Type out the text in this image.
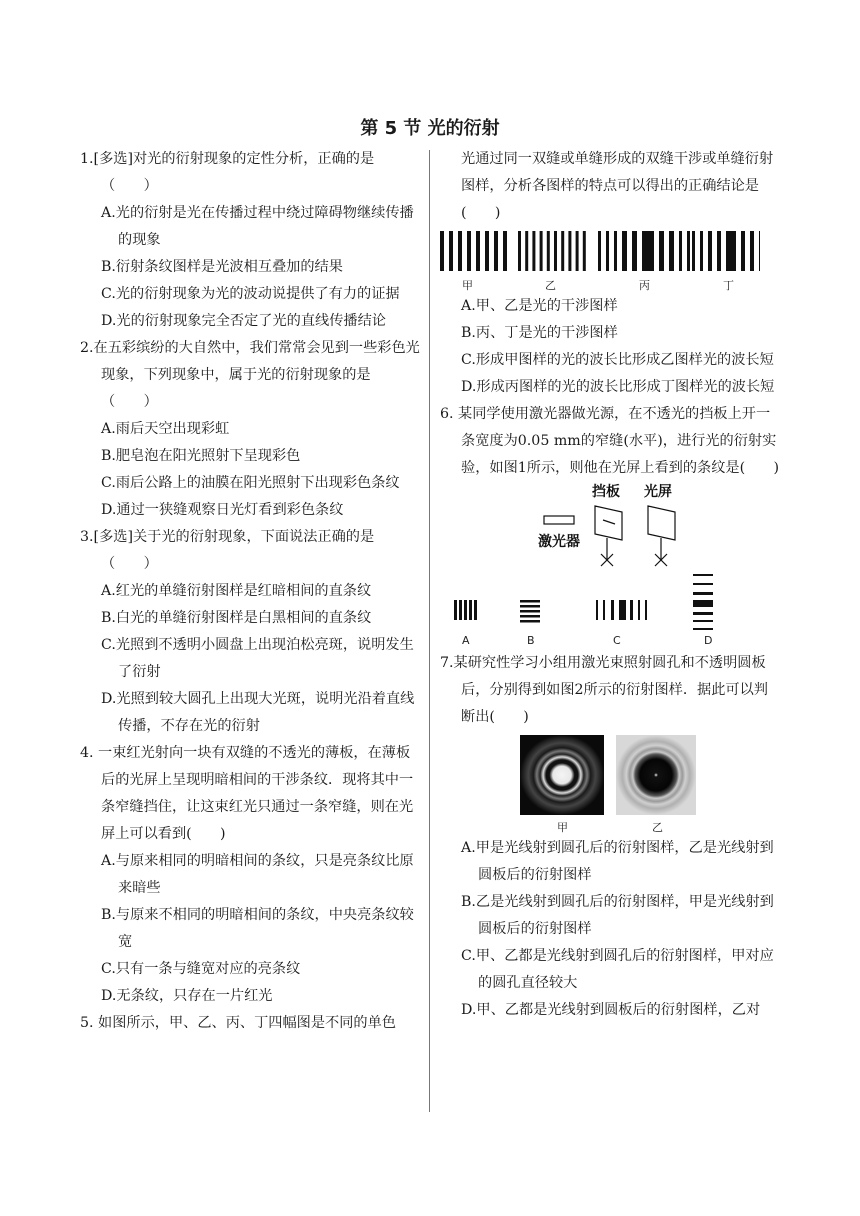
第 5 节 光的衍射
1.[多选]对光的衍射现象的定性分析，正确的是（　　）
A.光的衍射是光在传播过程中绕过障碍物继续传播的现象
B.衍射条纹图样是光波相互叠加的结果
C.光的衍射现象为光的波动说提供了有力的证据
D.光的衍射现象完全否定了光的直线传播结论
2.在五彩缤纷的大自然中，我们常常会见到一些彩色光现象，下列现象中，属于光的衍射现象的是（　　）
A.雨后天空出现彩虹
B.肥皂泡在阳光照射下呈现彩色
C.雨后公路上的油膜在阳光照射下出现彩色条纹
D.通过一狭缝观察日光灯看到彩色条纹
3.[多选]关于光的衍射现象，下面说法正确的是（　　）
A.红光的单缝衍射图样是红暗相间的直条纹
B.白光的单缝衍射图样是白黑相间的直条纹
C.光照到不透明小圆盘上出现泊松亮斑，说明发生了衍射
D.光照到较大圆孔上出现大光斑，说明光沿着直线传播，不存在光的衍射
4. 一束红光射向一块有双缝的不透光的薄板，在薄板后的光屏上呈现明暗相间的干涉条纹．现将其中一条窄缝挡住，让这束红光只通过一条窄缝，则在光屏上可以看到(　　)
A.与原来相同的明暗相间的条纹，只是亮条纹比原来暗些
B.与原来不相同的明暗相间的条纹，中央亮条纹较宽
C.只有一条与缝宽对应的亮条纹
D.无条纹，只存在一片红光
5. 如图所示，甲、乙、丙、丁四幅图是不同的单色
光通过同一双缝或单缝形成的双缝干涉或单缝衍射图样，分析各图样的特点可以得出的正确结论是(　　)
甲	乙	丙	丁
A.甲、乙是光的干涉图样
B.丙、丁是光的干涉图样
C.形成甲图样的光的波长比形成乙图样光的波长短
D.形成丙图样的光的波长比形成丁图样光的波长短
6. 某同学使用激光器做光源，在不透光的挡板上开一条宽度为0.05 mm的窄缝(水平)，进行光的衍射实验，如图1所示，则他在光屏上看到的条纹是(　　)
激光器
挡板 光屏
A	B	C	D
7.某研究性学习小组用激光束照射圆孔和不透明圆板后，分别得到如图2所示的衍射图样．据此可以判断出(　　)
甲	乙
A.甲是光线射到圆孔后的衍射图样，乙是光线射到圆板后的衍射图样
B.乙是光线射到圆孔后的衍射图样，甲是光线射到圆板后的衍射图样
C.甲、乙都是光线射到圆孔后的衍射图样，甲对应的圆孔直径较大
D.甲、乙都是光线射到圆板后的衍射图样，乙对
